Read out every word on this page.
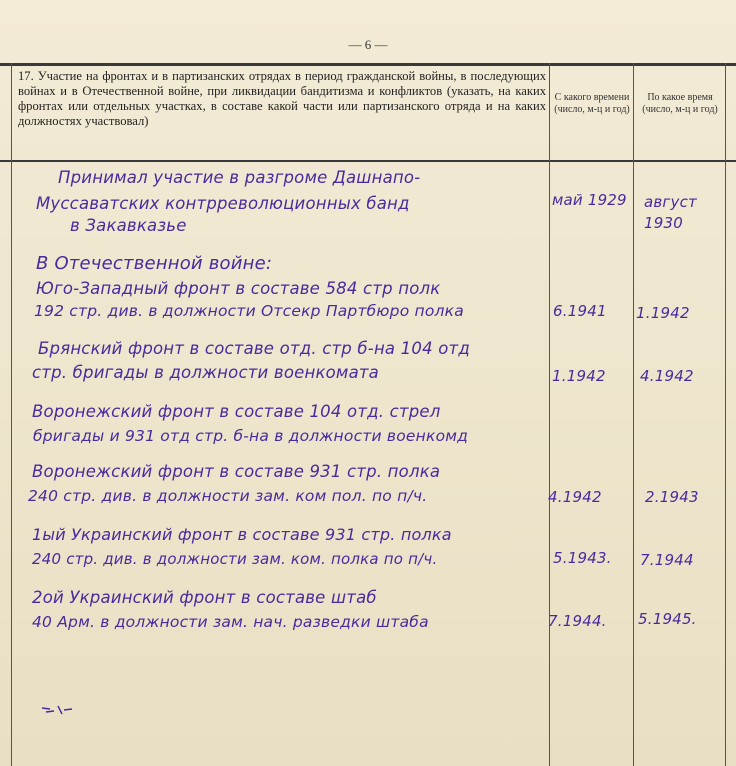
— 6 —
17. Участие на фронтах и в партизанских отрядах в период гражданской войны, в последующих войнах и в Отечественной войне, при ликвидации бандитизма и конфликтов (указать, на каких фронтах или отдельных участках, в составе какой части или партизанского отряда и на каких должностях участвовал)
С какого времени (число, м-ц и год)
По какое время (число, м-ц и год)
Принимал участие в разгроме Дашнапо-
Муссаватских контрреволюционных банд
в Закавказье
май 1929 август 1930
В Отечественной войне:
Юго-Западный фронт в составе 584 стр полк
192 стр. див. в должности Отсекр Партбюро полка	6.1941 1.1942
Брянский фронт в составе отд. стр б-на 104 отд
стр. бригады в должности военкомата	1.1942 4.1942
Воронежский фронт в составе 104 отд. стрел
бригады и 931 отд стр. б-на в должности военкомд
Воронежский фронт в составе 931 стр. полка
240 стр. див. в должности зам. ком пол. по п/ч.	4.1942	2.1943
1ый Украинский фронт в составе 931 стр. полка
240 стр. див. в должности зам. ком. полка по п/ч.	5.1943. 7.1944
2ой Украинский фронт в составе штаб
40 Арм. в должности зам. нач. разведки штаба	7.1944. 5.1945.
